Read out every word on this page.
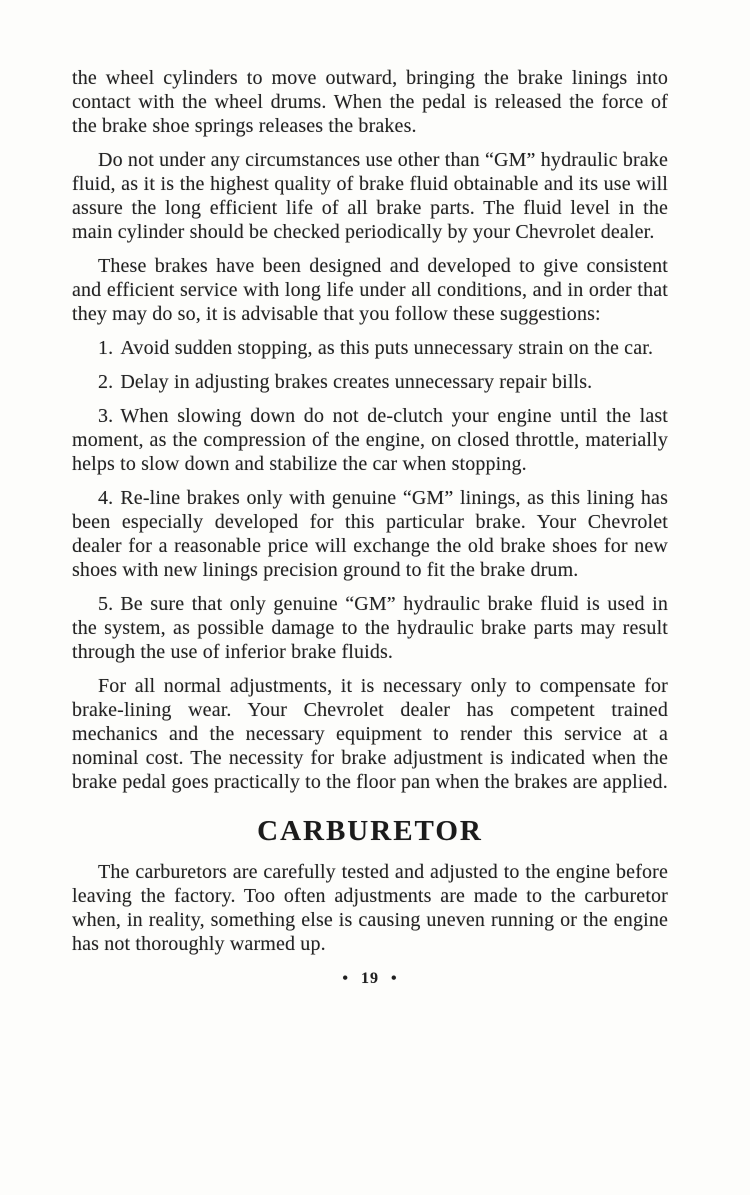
the wheel cylinders to move outward, bringing the brake linings into contact with the wheel drums. When the pedal is released the force of the brake shoe springs releases the brakes.

Do not under any circumstances use other than “GM” hydraulic brake fluid, as it is the highest quality of brake fluid obtainable and its use will assure the long efficient life of all brake parts. The fluid level in the main cylinder should be checked periodically by your Chevrolet dealer.

These brakes have been designed and developed to give consistent and efficient service with long life under all conditions, and in order that they may do so, it is advisable that you follow these suggestions:

1. Avoid sudden stopping, as this puts unnecessary strain on the car.

2. Delay in adjusting brakes creates unnecessary repair bills.

3. When slowing down do not de-clutch your engine until the last moment, as the compression of the engine, on closed throttle, materially helps to slow down and stabilize the car when stopping.

4. Re-line brakes only with genuine “GM” linings, as this lining has been especially developed for this particular brake. Your Chevrolet dealer for a reasonable price will exchange the old brake shoes for new shoes with new linings precision ground to fit the brake drum.

5. Be sure that only genuine “GM” hydraulic brake fluid is used in the system, as possible damage to the hydraulic brake parts may result through the use of inferior brake fluids.

For all normal adjustments, it is necessary only to compensate for brake-lining wear. Your Chevrolet dealer has competent trained mechanics and the necessary equipment to render this service at a nominal cost. The necessity for brake adjustment is indicated when the brake pedal goes practically to the floor pan when the brakes are applied.

CARBURETOR

The carburetors are carefully tested and adjusted to the engine before leaving the factory. Too often adjustments are made to the carburetor when, in reality, something else is causing uneven running or the engine has not thoroughly warmed up.

• 19 •
